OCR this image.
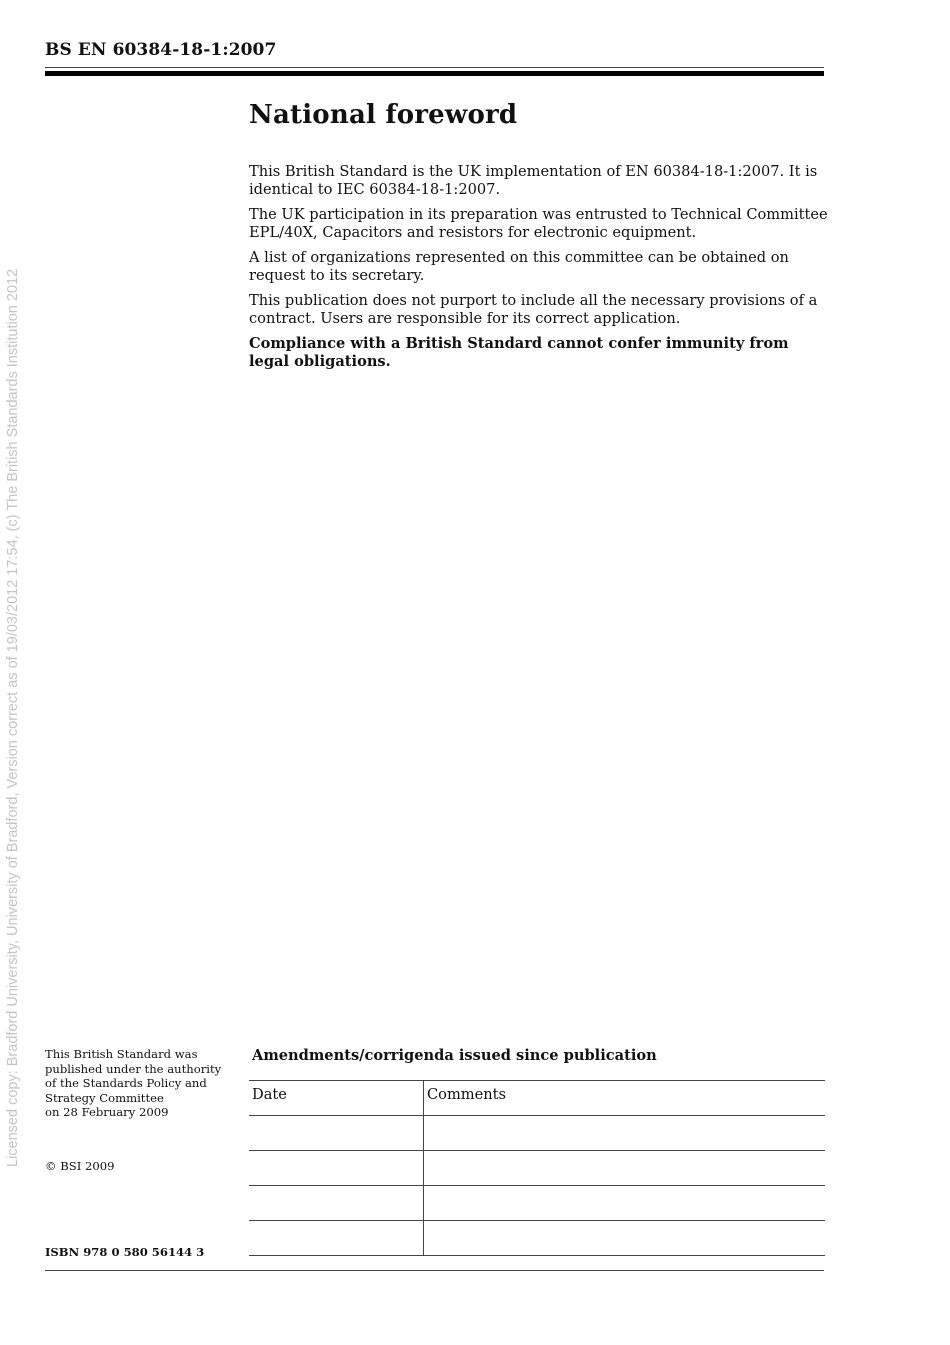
Licensed copy: Bradford University, University of Bradford, Version correct as of 19/03/2012 17:54, (c) The British Standards Institution 2012
BS EN 60384-18-1:2007
National foreword

This British Standard is the UK implementation of EN 60384-18-1:2007. It is identical to IEC 60384-18-1:2007.

The UK participation in its preparation was entrusted to Technical Committee EPL/40X, Capacitors and resistors for electronic equipment.

A list of organizations represented on this committee can be obtained on request to its secretary.

This publication does not purport to include all the necessary provisions of a contract. Users are responsible for its correct application.

Compliance with a British Standard cannot confer immunity from legal obligations.

This British Standard was
published under the authority
of the Standards Policy and
Strategy Committee
on 28 February 2009
© BSI 2009
ISBN 978 0 580 56144 3
Amendments/corrigenda issued since publication
Date	Comments
